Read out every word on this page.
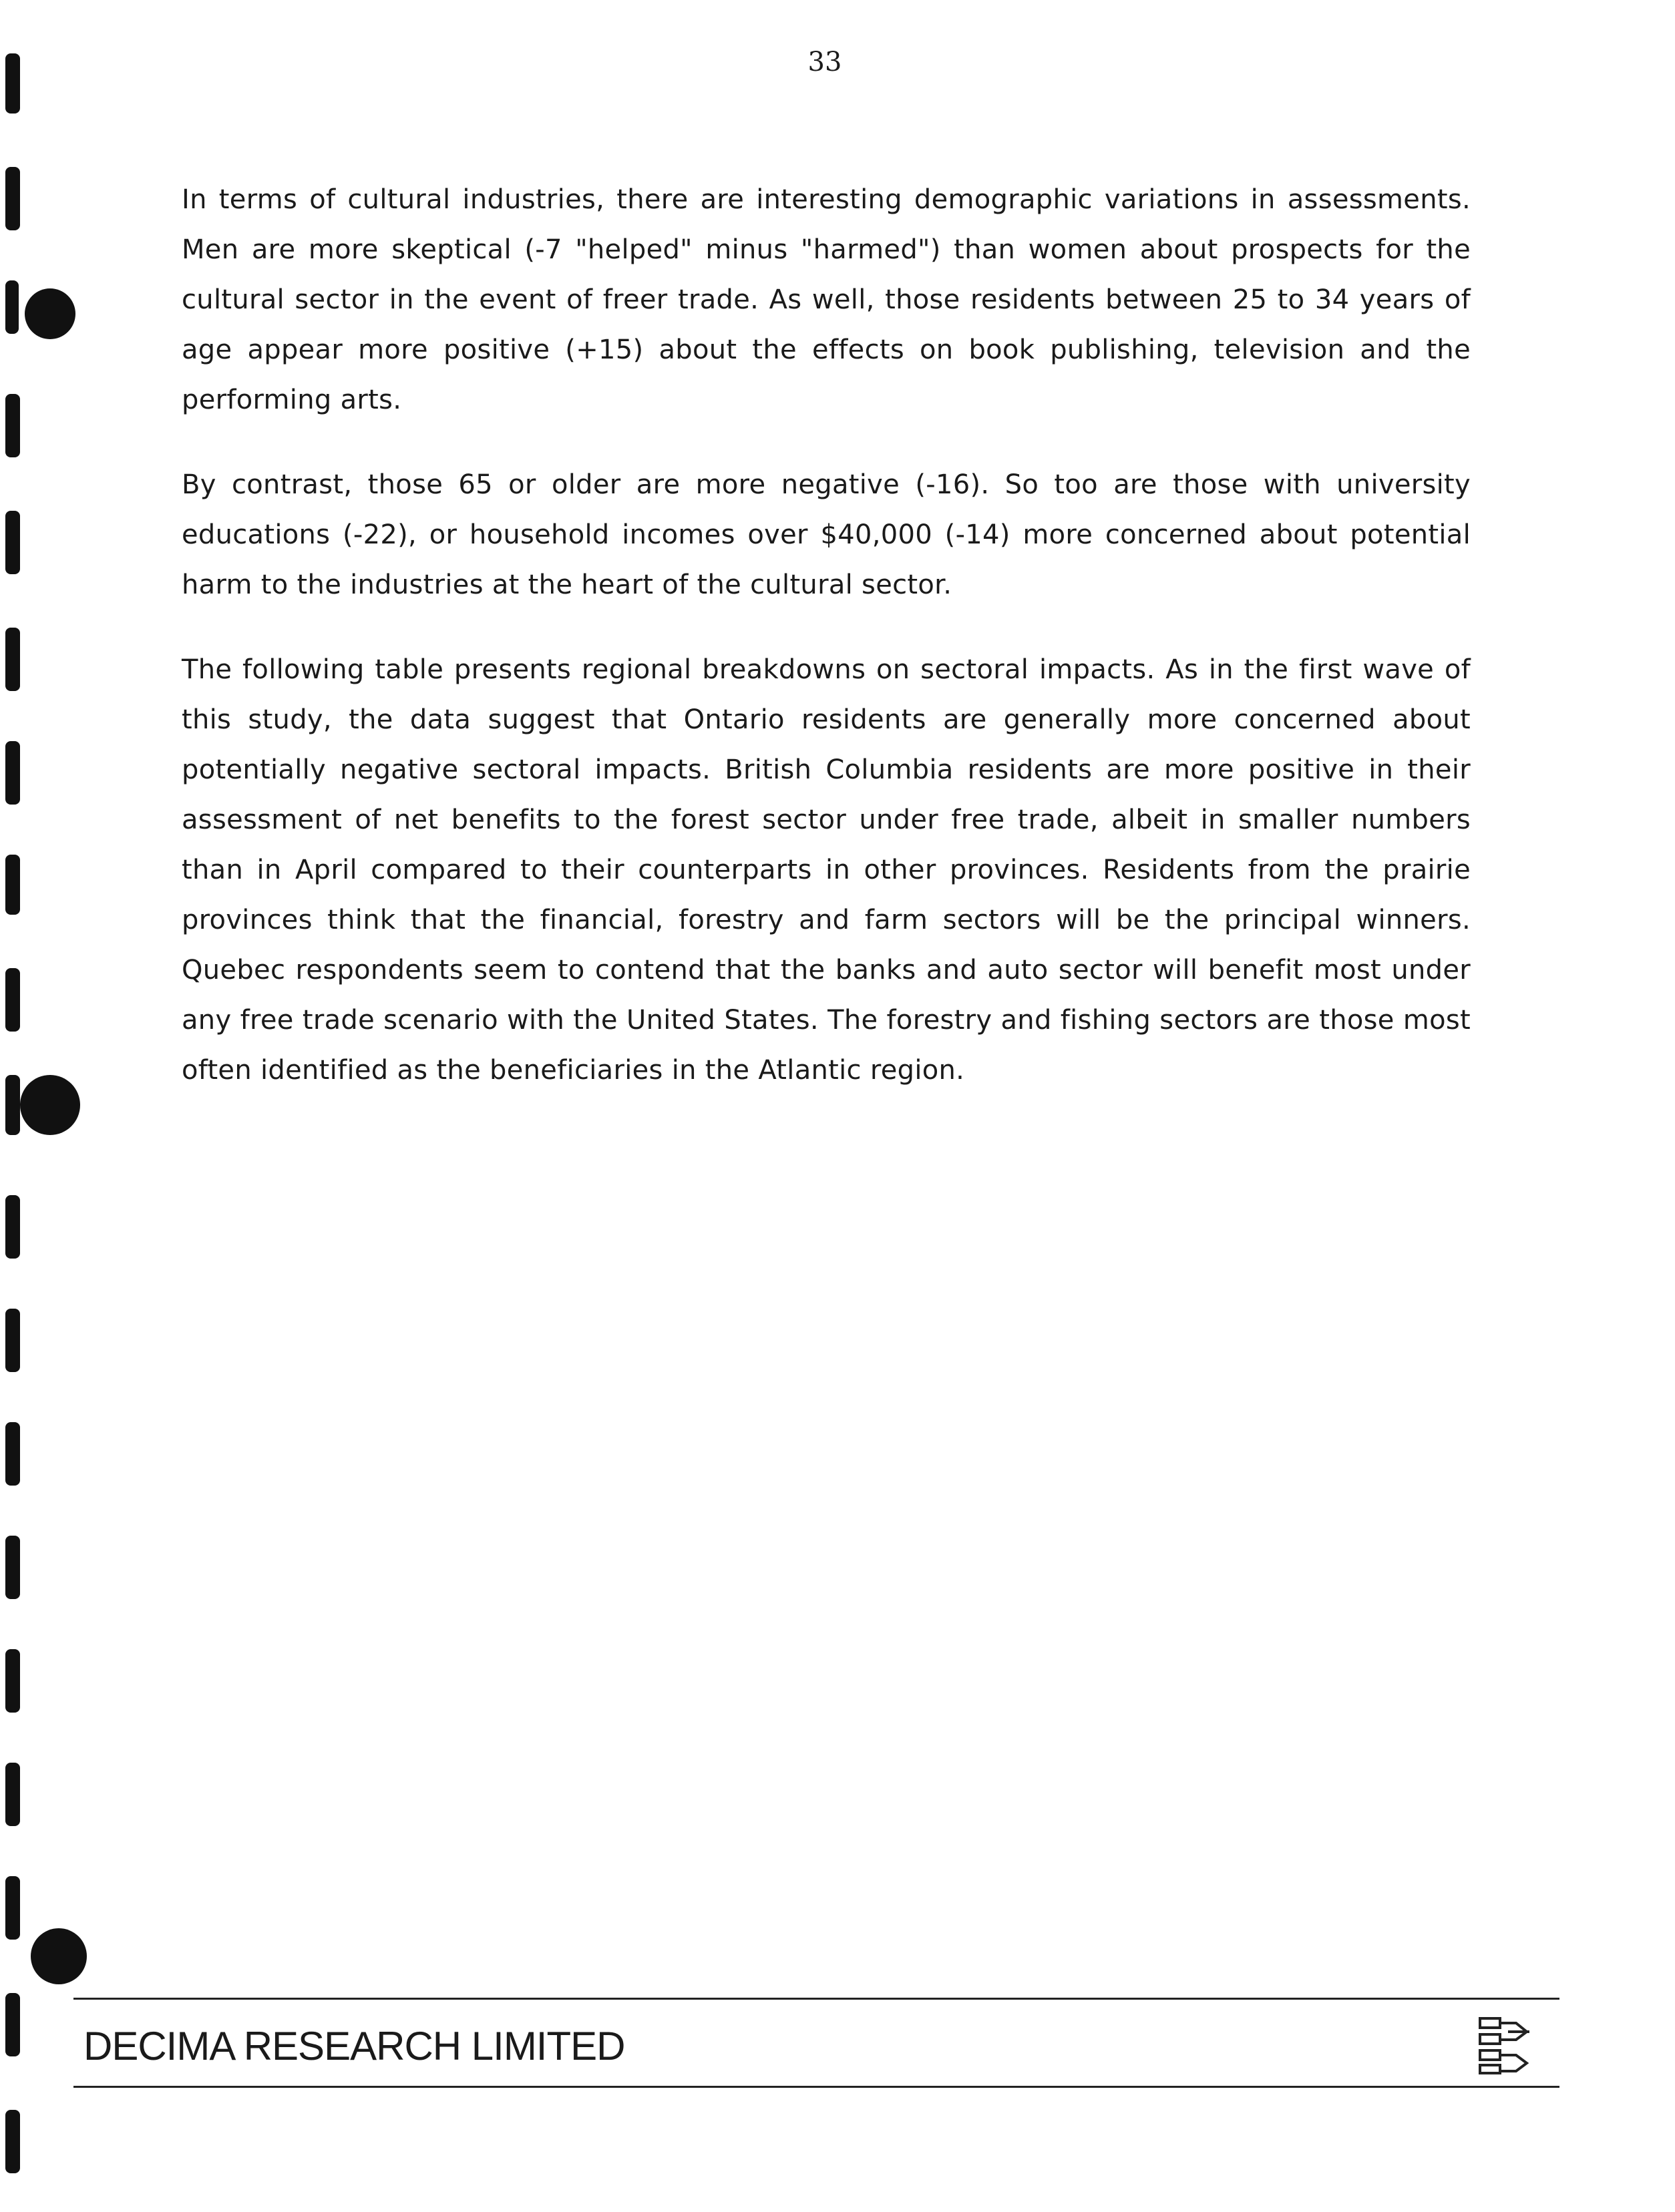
33

In terms of cultural industries, there are interesting demographic variations in assessments. Men are more skeptical (-7 "helped" minus "harmed") than women about prospects for the cultural sector in the event of freer trade. As well, those residents between 25 to 34 years of age appear more positive (+15) about the effects on book publishing, television and the performing arts.

By contrast, those 65 or older are more negative (-16). So too are those with university educations (-22), or household incomes over $40,000 (-14) more concerned about potential harm to the industries at the heart of the cultural sector.

The following table presents regional breakdowns on sectoral impacts. As in the first wave of this study, the data suggest that Ontario residents are generally more concerned about potentially negative sectoral impacts. British Columbia residents are more positive in their assessment of net benefits to the forest sector under free trade, albeit in smaller numbers than in April compared to their counterparts in other provinces. Residents from the prairie provinces think that the financial, forestry and farm sectors will be the principal winners. Quebec respondents seem to contend that the banks and auto sector will benefit most under any free trade scenario with the United States. The forestry and fishing sectors are those most often identified as the beneficiaries in the Atlantic region.

DECIMA RESEARCH LIMITED
